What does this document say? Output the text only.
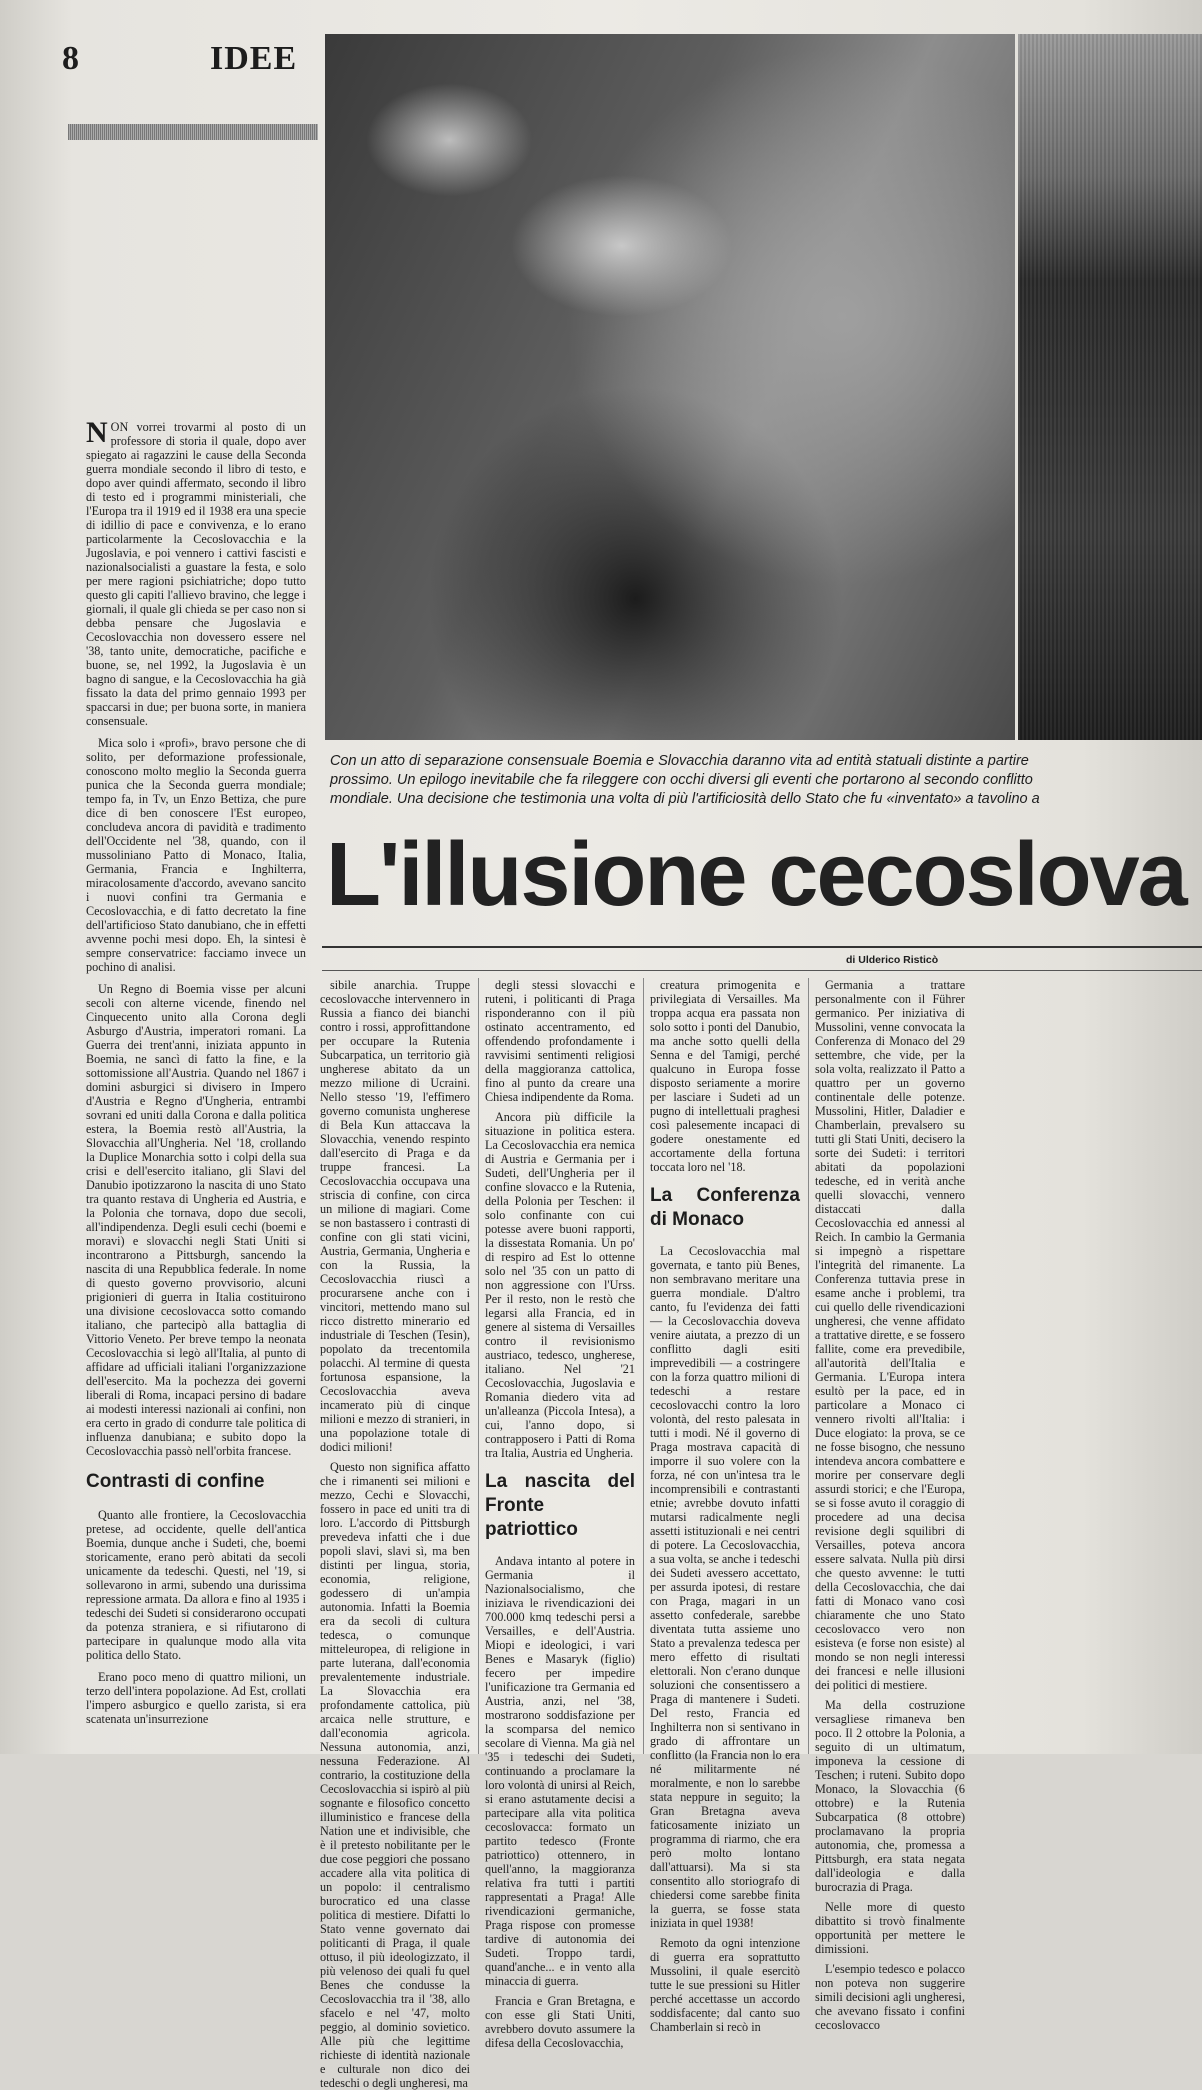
8	IDEE
Con un atto di separazione consensuale Boemia e Slovacchia daranno vita ad entità statuali distinte a partire
prossimo. Un epilogo inevitabile che fa rileggere con occhi diversi gli eventi che portarono al secondo conflitto
mondiale. Una decisione che testimonia una volta di più l'artificiosità dello Stato che fu «inventato» a tavolino a
L'illusione cecoslova
di Ulderico Risticò

NON vorrei trovarmi al posto di un professore di storia il quale, dopo aver spiegato ai ragazzini le cause della Seconda guerra mondiale secondo il libro di testo, e dopo aver quindi affermato, secondo il libro di testo ed i programmi ministeriali, che l'Europa tra il 1919 ed il 1938 era una specie di idillio di pace e convivenza, e lo erano particolarmente la Cecoslovacchia e la Jugoslavia, e poi vennero i cattivi fascisti e nazionalsocialisti a guastare la festa, e solo per mere ragioni psichiatriche; dopo tutto questo gli capiti l'allievo bravino, che legge i giornali, il quale gli chieda se per caso non si debba pensare che Jugoslavia e Cecoslovacchia non dovessero essere nel '38, tanto unite, democratiche, pacifiche e buone, se, nel 1992, la Jugoslavia è un bagno di sangue, e la Cecoslovacchia ha già fissato la data del primo gennaio 1993 per spaccarsi in due; per buona sorte, in maniera consensuale.

Mica solo i «profi», bravo persone che di solito, per deformazione professionale, conoscono molto meglio la Seconda guerra punica che la Seconda guerra mondiale; tempo fa, in Tv, un Enzo Bettiza, che pure dice di ben conoscere l'Est europeo, concludeva ancora di pavidità e tradimento dell'Occidente nel '38, quando, con il mussoliniano Patto di Monaco, Italia, Germania, Francia e Inghilterra, miracolosamente d'accordo, avevano sancito i nuovi confini tra Germania e Cecoslovacchia, e di fatto decretato la fine dell'artificioso Stato danubiano, che in effetti avvenne pochi mesi dopo. Eh, la sintesi è sempre conservatrice: facciamo invece un pochino di analisi.

Un Regno di Boemia visse per alcuni secoli con alterne vicende, finendo nel Cinquecento unito alla Corona degli Asburgo d'Austria, imperatori romani. La Guerra dei trent'anni, iniziata appunto in Boemia, ne sancì di fatto la fine, e la sottomissione all'Austria. Quando nel 1867 i domini asburgici si divisero in Impero d'Austria e Regno d'Ungheria, entrambi sovrani ed uniti dalla Corona e dalla politica estera, la Boemia restò all'Austria, la Slovacchia all'Ungheria. Nel '18, crollando la Duplice Monarchia sotto i colpi della sua crisi e dell'esercito italiano, gli Slavi del Danubio ipotizzarono la nascita di uno Stato tra quanto restava di Ungheria ed Austria, e la Polonia che tornava, dopo due secoli, all'indipendenza. Degli esuli cechi (boemi e moravi) e slovacchi negli Stati Uniti si incontrarono a Pittsburgh, sancendo la nascita di una Repubblica federale. In nome di questo governo provvisorio, alcuni prigionieri di guerra in Italia costituirono una divisione cecoslovacca sotto comando italiano, che partecipò alla battaglia di Vittorio Veneto. Per breve tempo la neonata Cecoslovacchia si legò all'Italia, al punto di affidare ad ufficiali italiani l'organizzazione dell'esercito. Ma la pochezza dei governi liberali di Roma, incapaci persino di badare ai modesti interessi nazionali ai confini, non era certo in grado di condurre tale politica di influenza danubiana; e subito dopo la Cecoslovacchia passò nell'orbita francese.

Contrasti di confine

Quanto alle frontiere, la Cecoslovacchia pretese, ad occidente, quelle dell'antica Boemia, dunque anche i Sudeti, che, boemi storicamente, erano però abitati da secoli unicamente da tedeschi. Questi, nel '19, si sollevarono in armi, subendo una durissima repressione armata. Da allora e fino al 1935 i tedeschi dei Sudeti si considerarono occupati da potenza straniera, e si rifiutarono di partecipare in qualunque modo alla vita politica dello Stato.

Erano poco meno di quattro milioni, un terzo dell'intera popolazione. Ad Est, crollati l'impero asburgico e quello zarista, si era scatenata un'insurrezione

sibile anarchia. Truppe cecoslovacche intervennero in Russia a fianco dei bianchi contro i rossi, approfittandone per occupare la Rutenia Subcarpatica, un territorio già ungherese abitato da un mezzo milione di Ucraini. Nello stesso '19, l'effimero governo comunista ungherese di Bela Kun attaccava la Slovacchia, venendo respinto dall'esercito di Praga e da truppe francesi. La Cecoslovacchia occupava una striscia di confine, con circa un milione di magiari. Come se non bastassero i contrasti di confine con gli stati vicini, Austria, Germania, Ungheria e con la Russia, la Cecoslovacchia riuscì a procurarsene anche con i vincitori, mettendo mano sul ricco distretto minerario ed industriale di Teschen (Tesin), popolato da trecentomila polacchi. Al termine di questa fortunosa espansione, la Cecoslovacchia aveva incamerato più di cinque milioni e mezzo di stranieri, in una popolazione totale di dodici milioni!

Questo non significa affatto che i rimanenti sei milioni e mezzo, Cechi e Slovacchi, fossero in pace ed uniti tra di loro. L'accordo di Pittsburgh prevedeva infatti che i due popoli slavi, slavi sì, ma ben distinti per lingua, storia, economia, religione, godessero di un'ampia autonomia. Infatti la Boemia era da secoli di cultura tedesca, o comunque mitteleuropea, di religione in parte luterana, dall'economia prevalentemente industriale. La Slovacchia era profondamente cattolica, più arcaica nelle strutture, e dall'economia agricola. Nessuna autonomia, anzi, nessuna Federazione. Al contrario, la costituzione della Cecoslovacchia si ispirò al più sognante e filosofico concetto illuministico e francese della Nation une et indivisible, che è il pretesto nobilitante per le due cose peggiori che possano accadere alla vita politica di un popolo: il centralismo burocratico ed una classe politica di mestiere. Difatti lo Stato venne governato dai politicanti di Praga, il quale ottuso, il più ideologizzato, il più velenoso dei quali fu quel Benes che condusse la Cecoslovacchia tra il '38, allo sfacelo e nel '47, molto peggio, al dominio sovietico. Alle più che legittime richieste di identità nazionale e culturale non dico dei tedeschi o degli ungheresi, ma

degli stessi slovacchi e ruteni, i politicanti di Praga risponderanno con il più ostinato accentramento, ed offendendo profondamente i ravvisimi sentimenti religiosi della maggioranza cattolica, fino al punto da creare una Chiesa indipendente da Roma.

Ancora più difficile la situazione in politica estera. La Cecoslovacchia era nemica di Austria e Germania per i Sudeti, dell'Ungheria per il confine slovacco e la Rutenia, della Polonia per Teschen: il solo confinante con cui potesse avere buoni rapporti, la dissestata Romania. Un po' di respiro ad Est lo ottenne solo nel '35 con un patto di non aggressione con l'Urss. Per il resto, non le restò che legarsi alla Francia, ed in genere al sistema di Versailles contro il revisionismo austriaco, tedesco, ungherese, italiano. Nel '21 Cecoslovacchia, Jugoslavia e Romania diedero vita ad un'alleanza (Piccola Intesa), a cui, l'anno dopo, si contrapposero i Patti di Roma tra Italia, Austria ed Ungheria.

La nascita del Fronte patriottico

Andava intanto al potere in Germania il Nazionalsocialismo, che iniziava le rivendicazioni dei 700.000 kmq tedeschi persi a Versailles, e dell'Austria. Miopi e ideologici, i vari Benes e Masaryk (figlio) fecero per impedire l'unificazione tra Germania ed Austria, anzi, nel '38, mostrarono soddisfazione per la scomparsa del nemico secolare di Vienna. Ma già nel '35 i tedeschi dei Sudeti, continuando a proclamare la loro volontà di unirsi al Reich, si erano astutamente decisi a partecipare alla vita politica cecoslovacca: formato un partito tedesco (Fronte patriottico) ottennero, in quell'anno, la maggioranza relativa fra tutti i partiti rappresentati a Praga! Alle rivendicazioni germaniche, Praga rispose con promesse tardive di autonomia dei Sudeti. Troppo tardi, quand'anche... e in vento alla minaccia di guerra.

Francia e Gran Bretagna, e con esse gli Stati Uniti, avrebbero dovuto assumere la difesa della Cecoslovacchia,

creatura primogenita e privilegiata di Versailles. Ma troppa acqua era passata non solo sotto i ponti del Danubio, ma anche sotto quelli della Senna e del Tamigi, perché qualcuno in Europa fosse disposto seriamente a morire per lasciare i Sudeti ad un pugno di intellettuali praghesi così palesemente incapaci di godere onestamente ed accortamente della fortuna toccata loro nel '18.

La Conferenza di Monaco

La Cecoslovacchia mal governata, e tanto più Benes, non sembravano meritare una guerra mondiale. D'altro canto, fu l'evidenza dei fatti — la Cecoslovacchia doveva venire aiutata, a prezzo di un conflitto dagli esiti imprevedibili — a costringere con la forza quattro milioni di tedeschi a restare cecoslovacchi contro la loro volontà, del resto palesata in tutti i modi. Né il governo di Praga mostrava capacità di imporre il suo volere con la forza, né con un'intesa tra le incomprensibili e contrastanti etnie; avrebbe dovuto infatti mutarsi radicalmente negli assetti istituzionali e nei centri di potere. La Cecoslovacchia, a sua volta, se anche i tedeschi dei Sudeti avessero accettato, per assurda ipotesi, di restare con Praga, magari in un assetto confederale, sarebbe diventata tutta assieme uno Stato a prevalenza tedesca per mero effetto di risultati elettorali. Non c'erano dunque soluzioni che consentissero a Praga di mantenere i Sudeti. Del resto, Francia ed Inghilterra non si sentivano in grado di affrontare un conflitto (la Francia non lo era né militarmente né moralmente, e non lo sarebbe stata neppure in seguito; la Gran Bretagna aveva faticosamente iniziato un programma di riarmo, che era però molto lontano dall'attuarsi). Ma si sta consentito allo storiografo di chiedersi come sarebbe finita la guerra, se fosse stata iniziata in quel 1938!

Remoto da ogni intenzione di guerra era soprattutto Mussolini, il quale esercitò tutte le sue pressioni su Hitler perché accettasse un accordo soddisfacente; dal canto suo Chamberlain si recò in

Germania a trattare personalmente con il Führer germanico. Per iniziativa di Mussolini, venne convocata la Conferenza di Monaco del 29 settembre, che vide, per la sola volta, realizzato il Patto a quattro per un governo continentale delle potenze. Mussolini, Hitler, Daladier e Chamberlain, prevalsero su tutti gli Stati Uniti, decisero la sorte dei Sudeti: i territori abitati da popolazioni tedesche, ed in verità anche quelli slovacchi, vennero distaccati dalla Cecoslovacchia ed annessi al Reich. In cambio la Germania si impegnò a rispettare l'integrità del rimanente. La Conferenza tuttavia prese in esame anche i problemi, tra cui quello delle rivendicazioni ungheresi, che venne affidato a trattative dirette, e se fossero fallite, come era prevedibile, all'autorità dell'Italia e Germania. L'Europa intera esultò per la pace, ed in particolare a Monaco ci vennero rivolti all'Italia: i Duce elogiato: la prova, se ce ne fosse bisogno, che nessuno intendeva ancora combattere e morire per conservare degli assurdi storici; e che l'Europa, se si fosse avuto il coraggio di procedere ad una decisa revisione degli squilibri di Versailles, poteva ancora essere salvata. Nulla più dirsi che questo avvenne: le tutti della Cecoslovacchia, che dai fatti di Monaco vano così chiaramente che uno Stato cecoslovacco vero non esisteva (e forse non esiste) al mondo se non negli interessi dei francesi e nelle illusioni dei politici di mestiere.

Ma della costruzione versagliese rimaneva ben poco. Il 2 ottobre la Polonia, a seguito di un ultimatum, imponeva la cessione di Teschen; i ruteni. Subito dopo Monaco, la Slovacchia (6 ottobre) e la Rutenia Subcarpatica (8 ottobre) proclamavano la propria autonomia, che, promessa a Pittsburgh, era stata negata dall'ideologia e dalla burocrazia di Praga.

Nelle more di questo dibattito si trovò finalmente opportunità per mettere le dimissioni.

L'esempio tedesco e polacco non poteva non suggerire simili decisioni agli ungheresi, che avevano fissato i confini cecoslovacco
